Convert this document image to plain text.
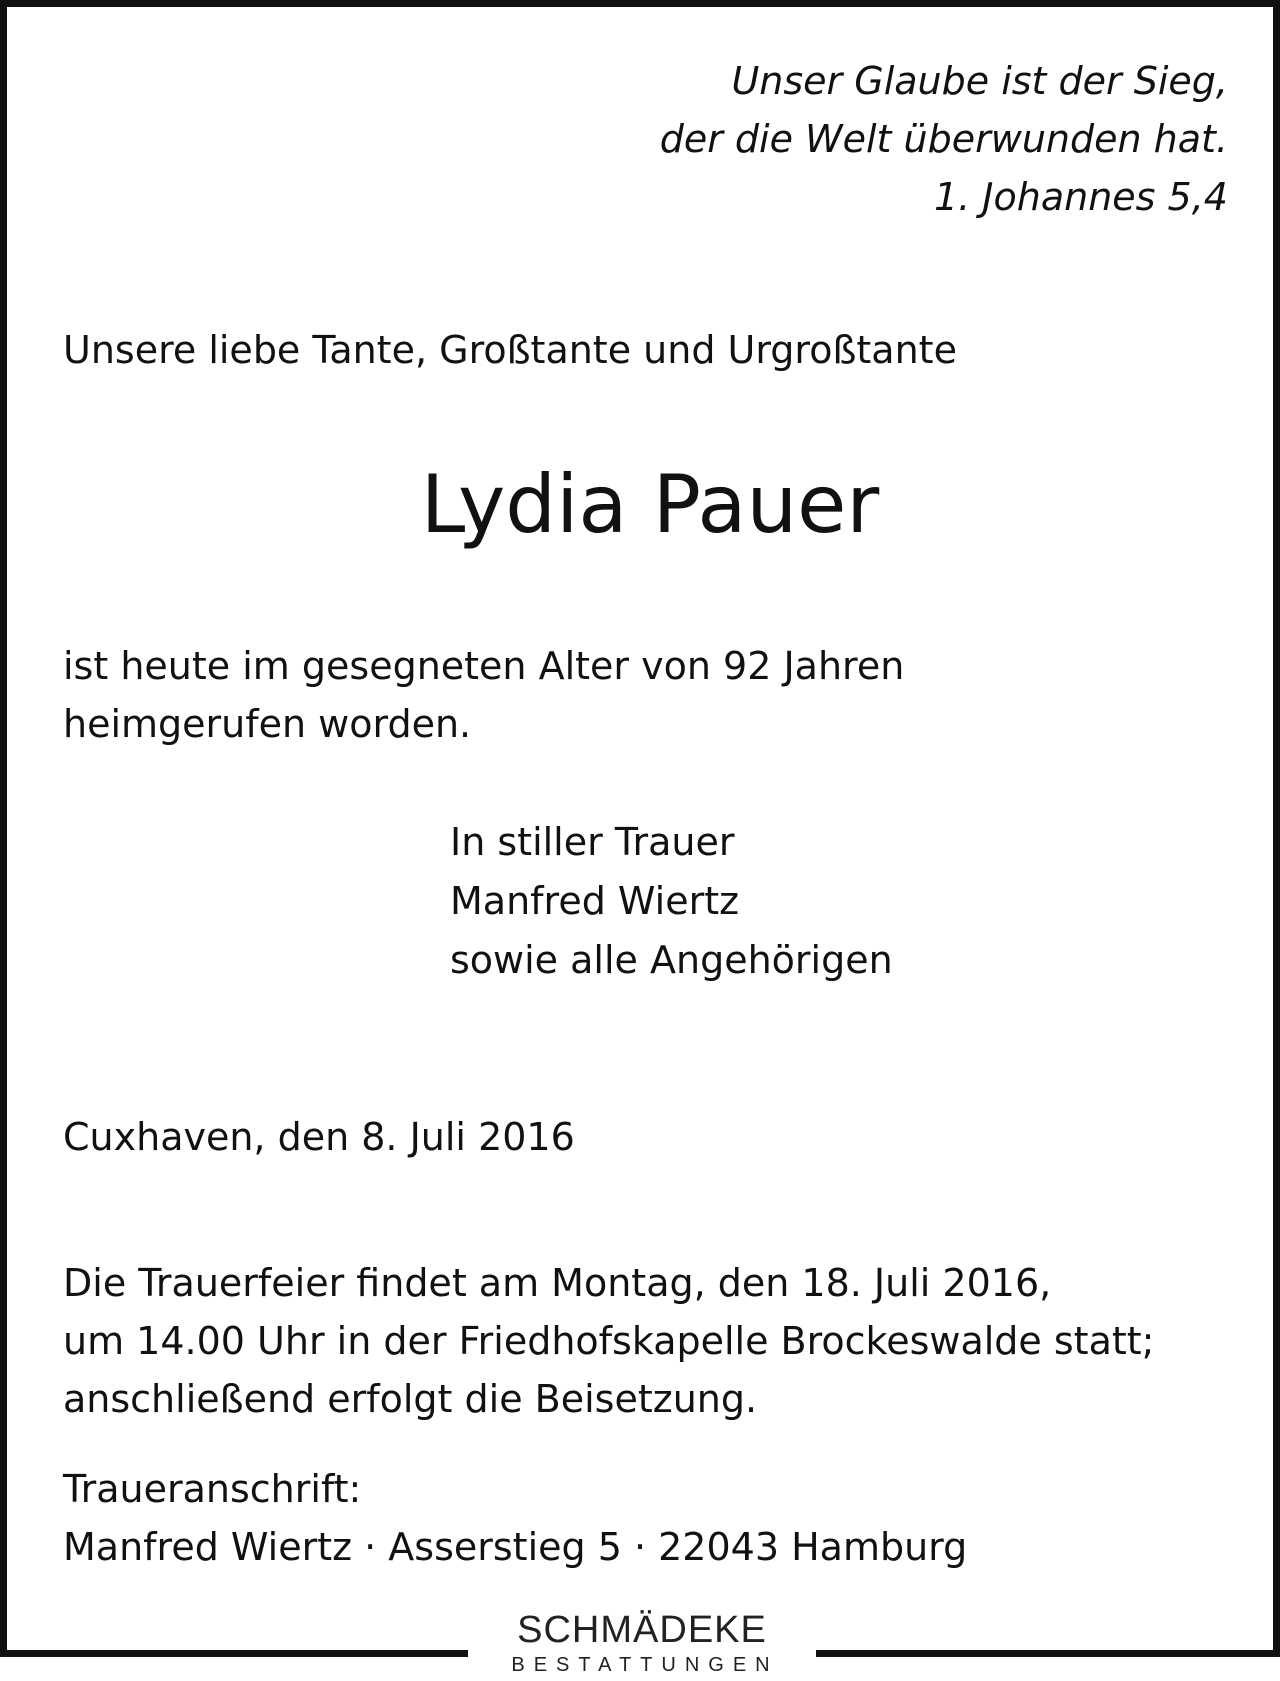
Unser Glaube ist der Sieg,
der die Welt überwunden hat.
1. Johannes 5,4
Unsere liebe Tante, Großtante und Urgroßtante
Lydia Pauer
ist heute im gesegneten Alter von 92 Jahren
heimgerufen worden.
In stiller Trauer
Manfred Wiertz
sowie alle Angehörigen
Cuxhaven, den 8. Juli 2016
Die Trauerfeier findet am Montag, den 18. Juli 2016,
um 14.00 Uhr in der Friedhofskapelle Brockeswalde statt;
anschließend erfolgt die Beisetzung.
Traueranschrift:
Manfred Wiertz · Asserstieg 5 · 22043 Hamburg
SCHMÄDEKE
BESTATTUNGEN
